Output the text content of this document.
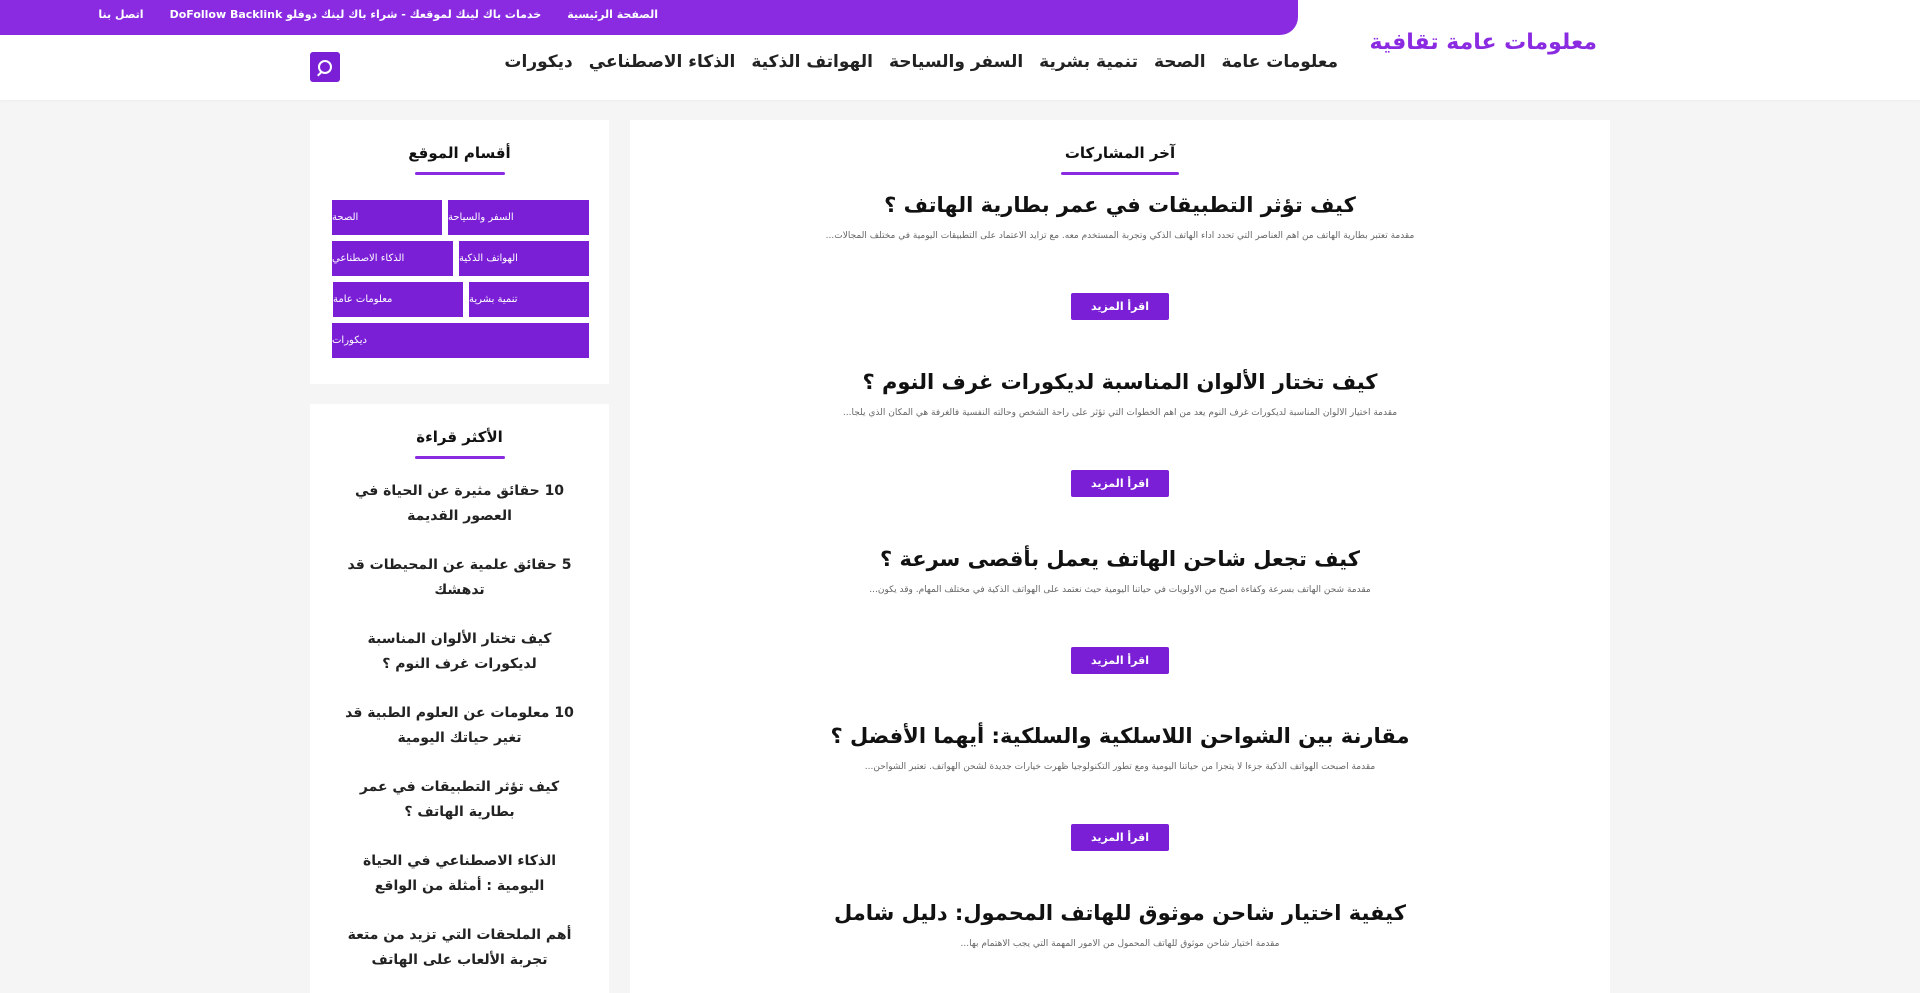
الصفحة الرئيسية
خدمات باك لينك لموقعك - شراء باك لينك دوفلو DoFollow Backlink
اتصل بنا
معلومات عامة تقافية
معلومات عامة
الصحة
تنمية بشرية
السفر والسياحة
الهواتف الذكية
الذكاء الاصطناعي
ديكورات
آخر المشاركات
كيف تؤثر التطبيقات في عمر بطارية الهاتف ؟

ﻣﻘﺪﻣﺔ ﺗﻌﺘﺒﺮ ﺑﻄﺎﺭﻳﺔ ﺍﻟﻬﺎﺗﻒ ﻣﻦ ﺃﻫﻢ ﺍﻟﻌﻨﺎﺻﺮ ﺍﻟﺘﻲ ﺗﺤﺪﺩ ﺃﺩﺍﺀ ﺍﻟﻬﺎﺗﻒ ﺍﻟﺬﻛﻲ ﻭﺗﺠﺮﺑﺔ ﺍﻟﻤﺴﺘﺨﺪﻡ ﻣﻌﻪ. ﻣﻊ ﺗﺰﺍﻳﺪ ﺍﻻﻋﺘﻤﺎﺩ ﻋﻠﻰ ﺍﻟﺘﻄﺒﻴﻘﺎﺕ ﺍﻟﻴﻮﻣﻴﺔ ﻓﻲ ﻣﺨﺘﻠﻒ ﺍﻟﻤﺠﺎﻻﺕ...

اقرأ المزيد
كيف تختار الألوان المناسبة لديكورات غرف النوم ؟

ﻣﻘﺪﻣﺔ ﺍﺧﺘﻴﺎﺭ ﺍﻷﻟﻮﺍﻥ ﺍﻟﻤﻨﺎﺳﺒﺔ ﻟﺪﻳﻜﻮﺭﺍﺕ ﻏﺮﻑ ﺍﻟﻨﻮﻡ ﻳﻌﺪ ﻣﻦ ﺃﻫﻢ ﺍﻟﺨﻄﻮﺍﺕ ﺍﻟﺘﻲ ﺗﺆﺛﺮ ﻋﻠﻰ ﺭﺍﺣﺔ ﺍﻟﺸﺨﺺ ﻭﺣﺎﻟﺘﻪ ﺍﻟﻨﻔﺴﻴﺔ ﻓﺎﻟﻐﺮﻓﺔ ﻫﻲ ﺍﻟﻤﻜﺎﻥ ﺍﻟﺬﻱ ﻳﻠﺠﺄ...

اقرأ المزيد
كيف تجعل شاحن الهاتف يعمل بأقصى سرعة ؟

ﻣﻘﺪﻣﺔ ﺷﺤﻦ ﺍﻟﻬﺎﺗﻒ ﺑﺴﺮﻋﺔ ﻭﻛﻔﺎﺀﺓ ﺃﺻﺒﺢ ﻣﻦ ﺍﻷﻭﻟﻮﻳﺎﺕ ﻓﻲ ﺣﻴﺎﺗﻨﺎ ﺍﻟﻴﻮﻣﻴﺔ ﺣﻴﺚ ﻧﻌﺘﻤﺪ ﻋﻠﻰ ﺍﻟﻬﻮﺍﺗﻒ ﺍﻟﺬﻛﻴﺔ ﻓﻲ ﻣﺨﺘﻠﻒ ﺍﻟﻤﻬﺎﻡ. ﻭﻗﺪ ﻳﻜﻮﻥ...

اقرأ المزيد
مقارنة بين الشواحن اللاسلكية والسلكية: أيهما الأفضل ؟

ﻣﻘﺪﻣﺔ ﺃﺻﺒﺤﺖ ﺍﻟﻬﻮﺍﺗﻒ ﺍﻟﺬﻛﻴﺔ ﺟﺰﺀﺍ ﻻ ﻳﺘﺠﺰﺃ ﻣﻦ ﺣﻴﺎﺗﻨﺎ ﺍﻟﻴﻮﻣﻴﺔ ﻭﻣﻊ ﺗﻄﻮﺭ ﺍﻟﺘﻜﻨﻮﻟﻮﺟﻴﺎ ﻇﻬﺮﺕ ﺧﻴﺎﺭﺍﺕ ﺟﺪﻳﺪﺓ ﻟﺸﺤﻦ ﺍﻟﻬﻮﺍﺗﻒ. ﺗﻌﺘﺒﺮ ﺍﻟﺸﻮﺍﺣﻦ...

اقرأ المزيد
كيفية اختيار شاحن موثوق للهاتف المحمول: دليل شامل

ﻣﻘﺪﻣﺔ ﺍﺧﺘﻴﺎﺭ ﺷﺎﺣﻦ ﻣﻮﺛﻮﻕ ﻟﻠﻬﺎﺗﻒ ﺍﻟﻤﺤﻤﻮﻝ ﻣﻦ ﺍﻷﻣﻮﺭ ﺍﻟﻤﻬﻤﺔ ﺍﻟﺘﻲ ﻳﺠﺐ ﺍﻻﻫﺘﻤﺎﻡ ﺑﻬﺎ...

أقسام الموقع
ﺍﻟﺴﻔﺮ ﻭﺍﻟﺴﻴﺎﺣﺔ
ﺍﻟﺼﺤﺔ
ﺍﻟﻬﻮﺍﺗﻒ ﺍﻟﺬﻛﻴﺔ
ﺍﻟﺬﻛﺎﺀ ﺍﻻﺻﻄﻨﺎﻋﻲ
ﺗﻨﻤﻴﺔ ﺑﺸﺮﻳﺔ
ﻣﻌﻠﻮﻣﺎﺕ ﻋﺎﻣﺔ
ﺩﻳﻜﻮﺭﺍﺕ
الأكثر قراءة
10 حقائق مثيرة عن الحياة في العصور القديمة
5 حقائق علمية عن المحيطات قد تدهشك
كيف تختار الألوان المناسبة لديكورات غرف النوم ؟
10 معلومات عن العلوم الطبية قد تغير حياتك اليومية
كيف تؤثر التطبيقات في عمر بطارية الهاتف ؟
الذكاء الاصطناعي في الحياة اليومية : أمثلة من الواقع
أهم الملحقات التي تزيد من متعة تجربة الألعاب على الهاتف
